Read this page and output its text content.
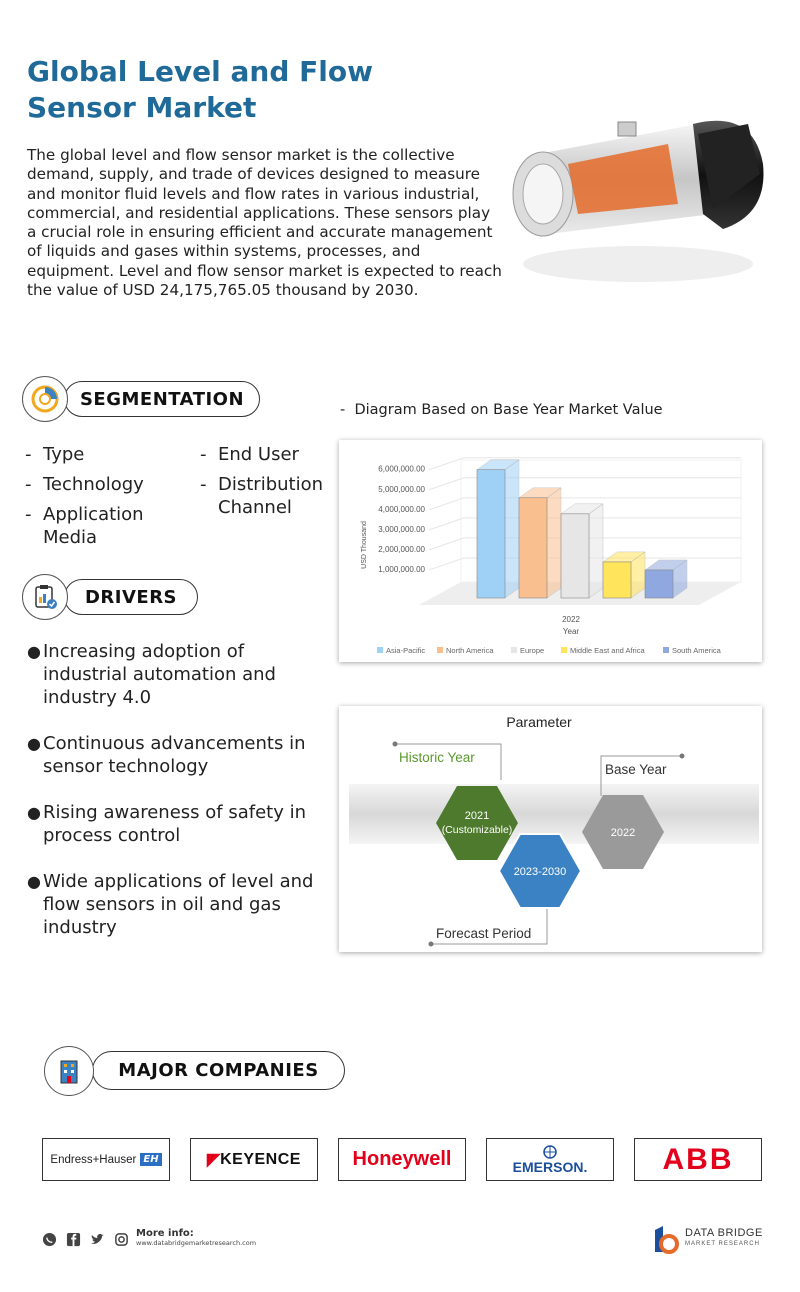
Global Level and Flow
Sensor Market

The global level and flow sensor market is the collective demand, supply, and trade of devices designed to measure and monitor fluid levels and flow rates in various industrial, commercial, and residential applications. These sensors play a crucial role in ensuring efficient and accurate management of liquids and gases within systems, processes, and equipment. Level and flow sensor market is expected to reach the value of USD 24,175,765.05 thousand by 2030.

SEGMENTATION
- Type
- Technology
- Application Media
- End User
- Distribution Channel
DRIVERS
● Increasing adoption of industrial automation and industry 4.0
● Continuous advancements in sensor technology
● Rising awareness of safety in process control
● Wide applications of level and flow sensors in oil and gas industry
-  Diagram Based on Base Year Market Value
USD Thousand
2022
Year
1,000,000.00
2,000,000.00
3,000,000.00
4,000,000.00
5,000,000.00
6,000,000.00
Asia-Pacific	North America	Europe	Middle East and Africa	South America
Parameter
Historic Year
Base Year
Forecast Period
2021
(Customizable)
2023-2030
2022
MAJOR COMPANIES
Endress+Hauser EH	◤ KEYENCE	Honeywell	EMERSON.	ABB
More info:
www.databridgemarketresearch.com
db DATA BRIDGE
MARKET RESEARCH
